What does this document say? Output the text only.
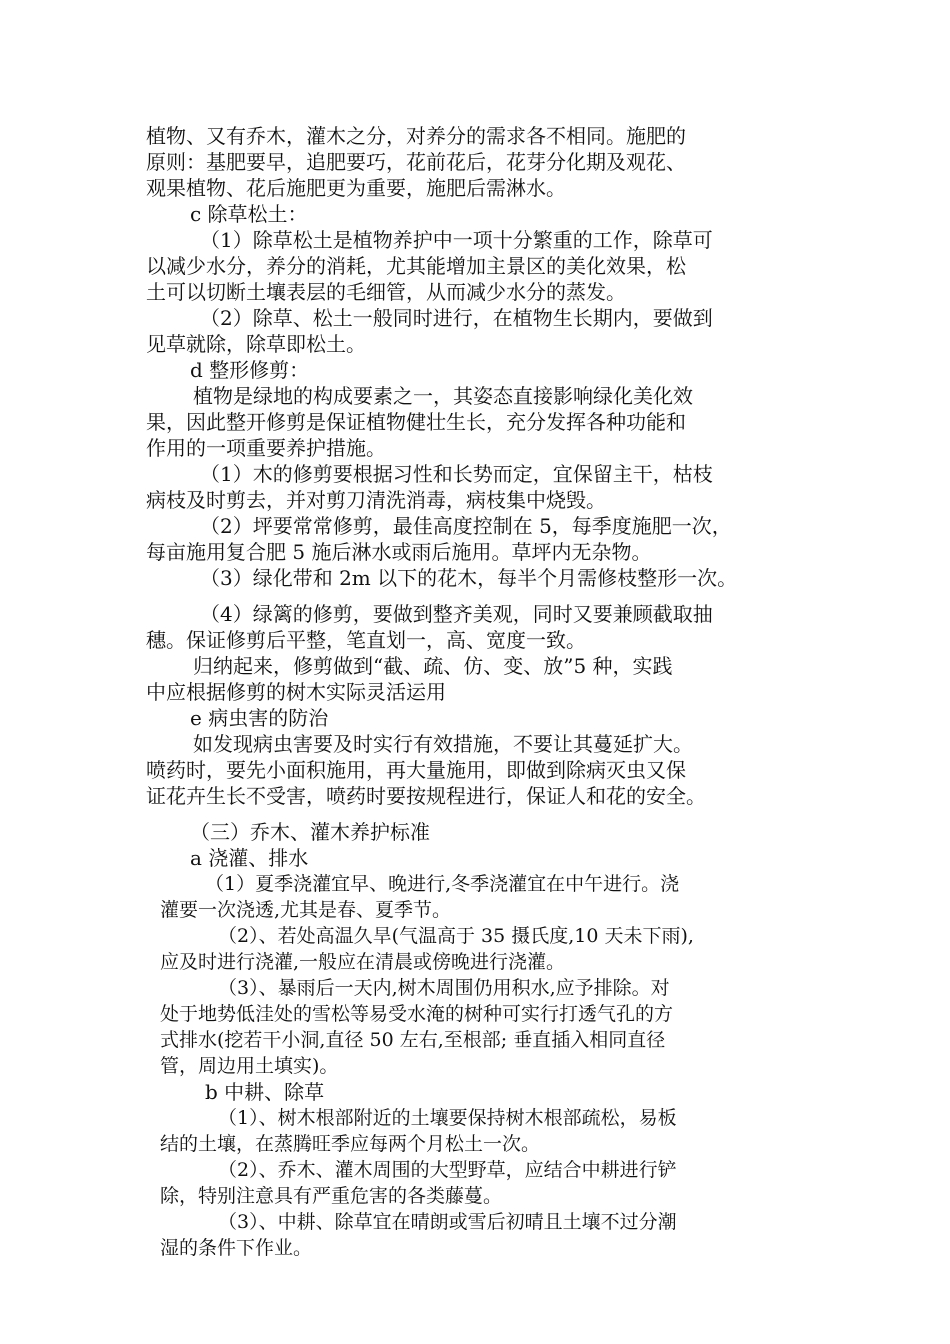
植物、又有乔木，灌木之分，对养分的需求各不相同。施肥的
原则：基肥要早，追肥要巧，花前花后，花芽分化期及观花、
观果植物、花后施肥更为重要，施肥后需淋水。
c 除草松土：
（1）除草松土是植物养护中一项十分繁重的工作，除草可
以减少水分，养分的消耗，尤其能增加主景区的美化效果，松
土可以切断土壤表层的毛细管，从而减少水分的蒸发。
（2）除草、松土一般同时进行，在植物生长期内，要做到
见草就除，除草即松土。
d 整形修剪：
植物是绿地的构成要素之一，其姿态直接影响绿化美化效
果，因此整开修剪是保证植物健壮生长，充分发挥各种功能和
作用的一项重要养护措施。
（1）木的修剪要根据习性和长势而定，宜保留主干，枯枝
病枝及时剪去，并对剪刀清洗消毒，病枝集中烧毁。
（2）坪要常常修剪，最佳高度控制在 5，每季度施肥一次，
每亩施用复合肥 5 施后淋水或雨后施用。草坪内无杂物。
（3）绿化带和 2m 以下的花木，每半个月需修枝整形一次。
（4）绿篱的修剪，要做到整齐美观，同时又要兼顾截取抽
穗。保证修剪后平整，笔直划一，高、宽度一致。
归纳起来，修剪做到“截、疏、仿、变、放”5 种，实践
中应根据修剪的树木实际灵活运用
e 病虫害的防治
如发现病虫害要及时实行有效措施，不要让其蔓延扩大。
喷药时，要先小面积施用，再大量施用，即做到除病灭虫又保
证花卉生长不受害，喷药时要按规程进行，保证人和花的安全。
（三）乔木、灌木养护标准
a 浇灌、排水
（1）夏季浇灌宜早、晚进行,冬季浇灌宜在中午进行。浇
灌要一次浇透,尤其是春、夏季节。
（2）、若处高温久旱(气温高于 35 摄氏度,10 天未下雨),
应及时进行浇灌,一般应在清晨或傍晚进行浇灌。
（3）、暴雨后一天内,树木周围仍用积水,应予排除。对
处于地势低洼处的雪松等易受水淹的树种可实行打透气孔的方
式排水(挖若干小洞,直径 50 左右,至根部; 垂直插入相同直径
管，周边用土填实)。
b 中耕、除草
（1）、树木根部附近的土壤要保持树木根部疏松，易板
结的土壤，在蒸腾旺季应每两个月松土一次。
（2）、乔木、灌木周围的大型野草，应结合中耕进行铲
除，特别注意具有严重危害的各类藤蔓。
（3）、中耕、除草宜在晴朗或雪后初晴且土壤不过分潮
湿的条件下作业。
